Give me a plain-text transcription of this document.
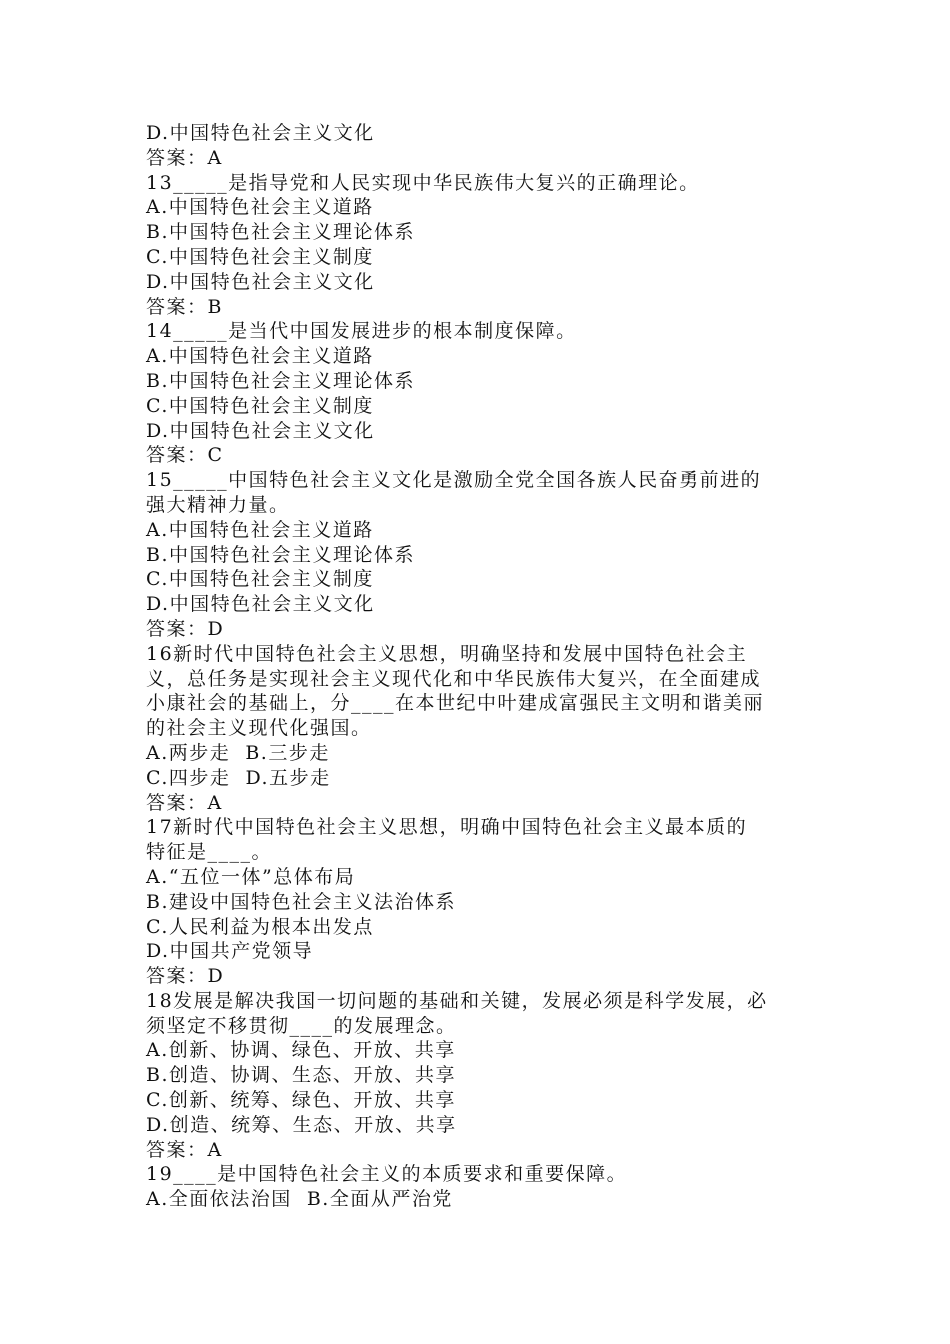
D.中国特色社会主义文化
答案：A
13_____是指导党和人民实现中华民族伟大复兴的正确理论。
A.中国特色社会主义道路
B.中国特色社会主义理论体系
C.中国特色社会主义制度
D.中国特色社会主义文化
答案：B
14_____是当代中国发展进步的根本制度保障。
A.中国特色社会主义道路
B.中国特色社会主义理论体系
C.中国特色社会主义制度
D.中国特色社会主义文化
答案：C
15_____中国特色社会主义文化是激励全党全国各族人民奋勇前进的
强大精神力量。
A.中国特色社会主义道路
B.中国特色社会主义理论体系
C.中国特色社会主义制度
D.中国特色社会主义文化
答案：D
16新时代中国特色社会主义思想，明确坚持和发展中国特色社会主
义，总任务是实现社会主义现代化和中华民族伟大复兴，在全面建成
小康社会的基础上，分____在本世纪中叶建成富强民主文明和谐美丽
的社会主义现代化强国。
A.两步走  B.三步走
C.四步走  D.五步走
答案：A
17新时代中国特色社会主义思想，明确中国特色社会主义最本质的
特征是____。
A.“五位一体”总体布局
B.建设中国特色社会主义法治体系
C.人民利益为根本出发点
D.中国共产党领导
答案：D
18发展是解决我国一切问题的基础和关键，发展必须是科学发展，必
须坚定不移贯彻____的发展理念。
A.创新、协调、绿色、开放、共享
B.创造、协调、生态、开放、共享
C.创新、统筹、绿色、开放、共享
D.创造、统筹、生态、开放、共享
答案：A
19____是中国特色社会主义的本质要求和重要保障。
A.全面依法治国  B.全面从严治党
